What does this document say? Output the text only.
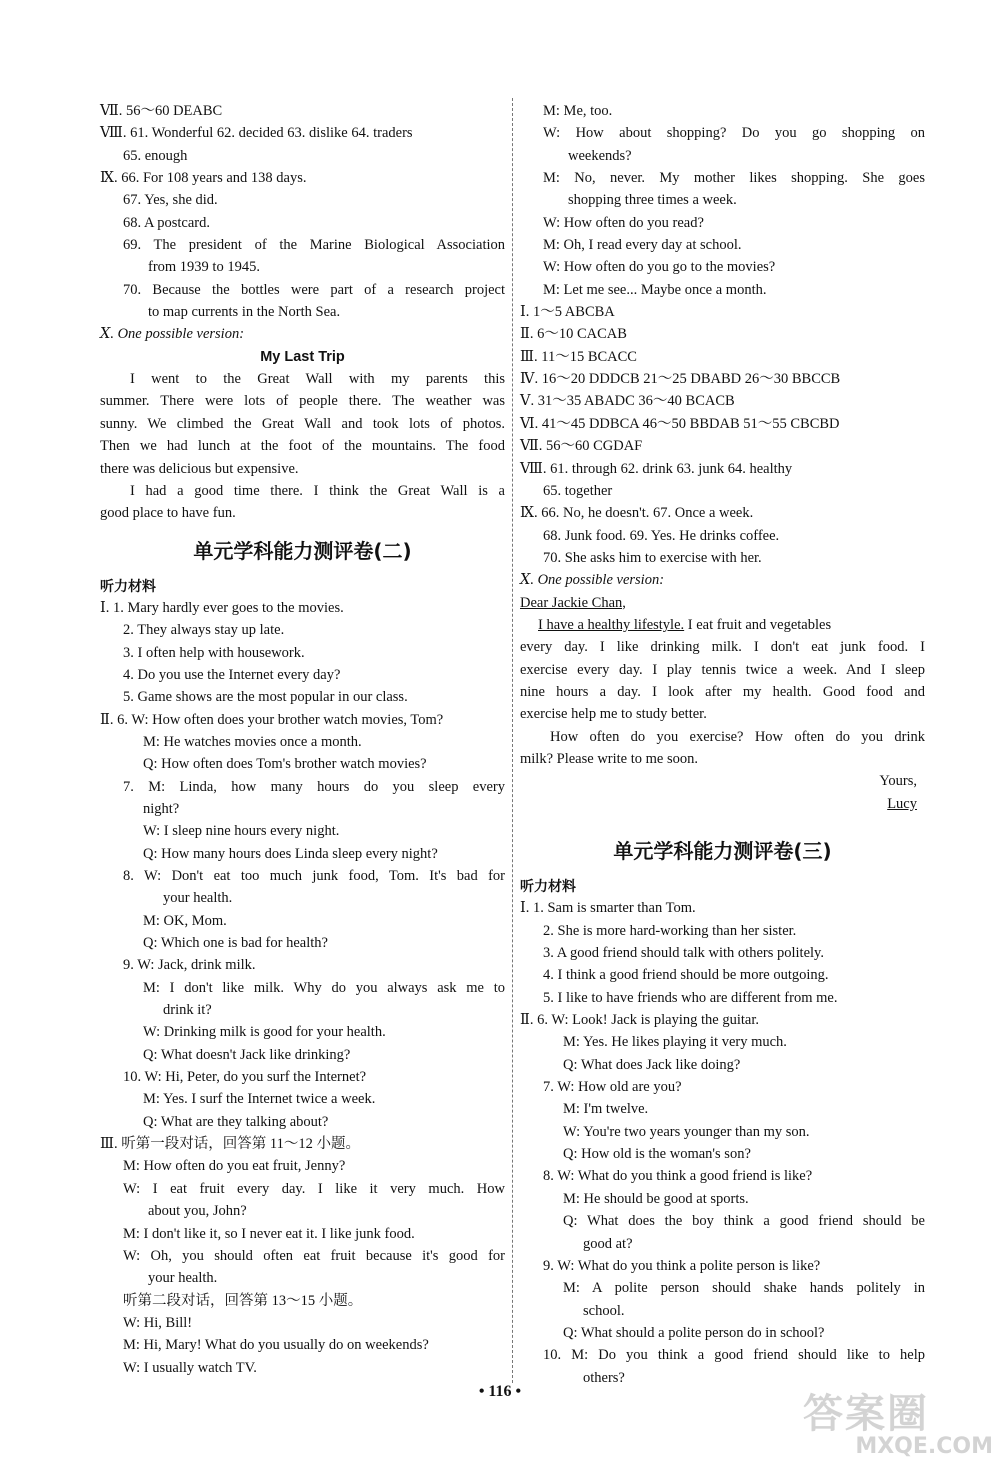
Ⅶ. 56～60 DEABC
Ⅷ. 61. Wonderful 62. decided 63. dislike 64. traders
65. enough
Ⅸ. 66. For 108 years and 138 days.
67. Yes, she did.
68. A postcard.
69. The president of the Marine Biological Association
from 1939 to 1945.
70. Because the bottles were part of a research project
to map currents in the North Sea.
Ⅹ. One possible version:
My Last Trip
I went to the Great Wall with my parents this
summer. There were lots of people there. The weather was
sunny. We climbed the Great Wall and took lots of photos.
Then we had lunch at the foot of the mountains. The food
there was delicious but expensive.
I had a good time there. I think the Great Wall is a
good place to have fun.
单元学科能力测评卷(二)
听力材料
Ⅰ. 1. Mary hardly ever goes to the movies.
2. They always stay up late.
3. I often help with housework.
4. Do you use the Internet every day?
5. Game shows are the most popular in our class.
Ⅱ. 6. W: How often does your brother watch movies, Tom?
M: He watches movies once a month.
Q: How often does Tom's brother watch movies?
7. M: Linda, how many hours do you sleep every
night?
W: I sleep nine hours every night.
Q: How many hours does Linda sleep every night?
8. W: Don't eat too much junk food, Tom. It's bad for
your health.
M: OK, Mom.
Q: Which one is bad for health?
9. W: Jack, drink milk.
M: I don't like milk. Why do you always ask me to
drink it?
W: Drinking milk is good for your health.
Q: What doesn't Jack like drinking?
10. W: Hi, Peter, do you surf the Internet?
M: Yes. I surf the Internet twice a week.
Q: What are they talking about?
Ⅲ. 听第一段对话，回答第 11～12 小题。
M: How often do you eat fruit, Jenny?
W: I eat fruit every day. I like it very much. How
about you, John?
M: I don't like it, so I never eat it. I like junk food.
W: Oh, you should often eat fruit because it's good for
your health.
听第二段对话，回答第 13～15 小题。
W: Hi, Bill!
M: Hi, Mary! What do you usually do on weekends?
W: I usually watch TV.
M: Me, too.
W: How about shopping? Do you go shopping on
weekends?
M: No, never. My mother likes shopping. She goes
shopping three times a week.
W: How often do you read?
M: Oh, I read every day at school.
W: How often do you go to the movies?
M: Let me see... Maybe once a month.
Ⅰ. 1～5 ABCBA
Ⅱ. 6～10 CACAB
Ⅲ. 11～15 BCACC
Ⅳ. 16～20 DDDCB 21～25 DBABD 26～30 BBCCB
Ⅴ. 31～35 ABADC 36～40 BCACB
Ⅵ. 41～45 DDBCA 46～50 BBDAB 51～55 CBCBD
Ⅶ. 56～60 CGDAF
Ⅷ. 61. through 62. drink 63. junk 64. healthy
65. together
Ⅸ. 66. No, he doesn't. 67. Once a week.
68. Junk food. 69. Yes. He drinks coffee.
70. She asks him to exercise with her.
Ⅹ. One possible version:
Dear Jackie Chan,
I have a healthy lifestyle. I eat fruit and vegetables
every day. I like drinking milk. I don't eat junk food. I
exercise every day. I play tennis twice a week. And I sleep
nine hours a day. I look after my health. Good food and
exercise help me to study better.
How often do you exercise? How often do you drink
milk? Please write to me soon.
Yours,
Lucy
单元学科能力测评卷(三)
听力材料
Ⅰ. 1. Sam is smarter than Tom.
2. She is more hard-working than her sister.
3. A good friend should talk with others politely.
4. I think a good friend should be more outgoing.
5. I like to have friends who are different from me.
Ⅱ. 6. W: Look! Jack is playing the guitar.
M: Yes. He likes playing it very much.
Q: What does Jack like doing?
7. W: How old are you?
M: I'm twelve.
W: You're two years younger than my son.
Q: How old is the woman's son?
8. W: What do you think a good friend is like?
M: He should be good at sports.
Q: What does the boy think a good friend should be
good at?
9. W: What do you think a polite person is like?
M: A polite person should shake hands politely in
school.
Q: What should a polite person do in school?
10. M: Do you think a good friend should like to help
others?
• 116 •	答案圈
MXQE.COM
